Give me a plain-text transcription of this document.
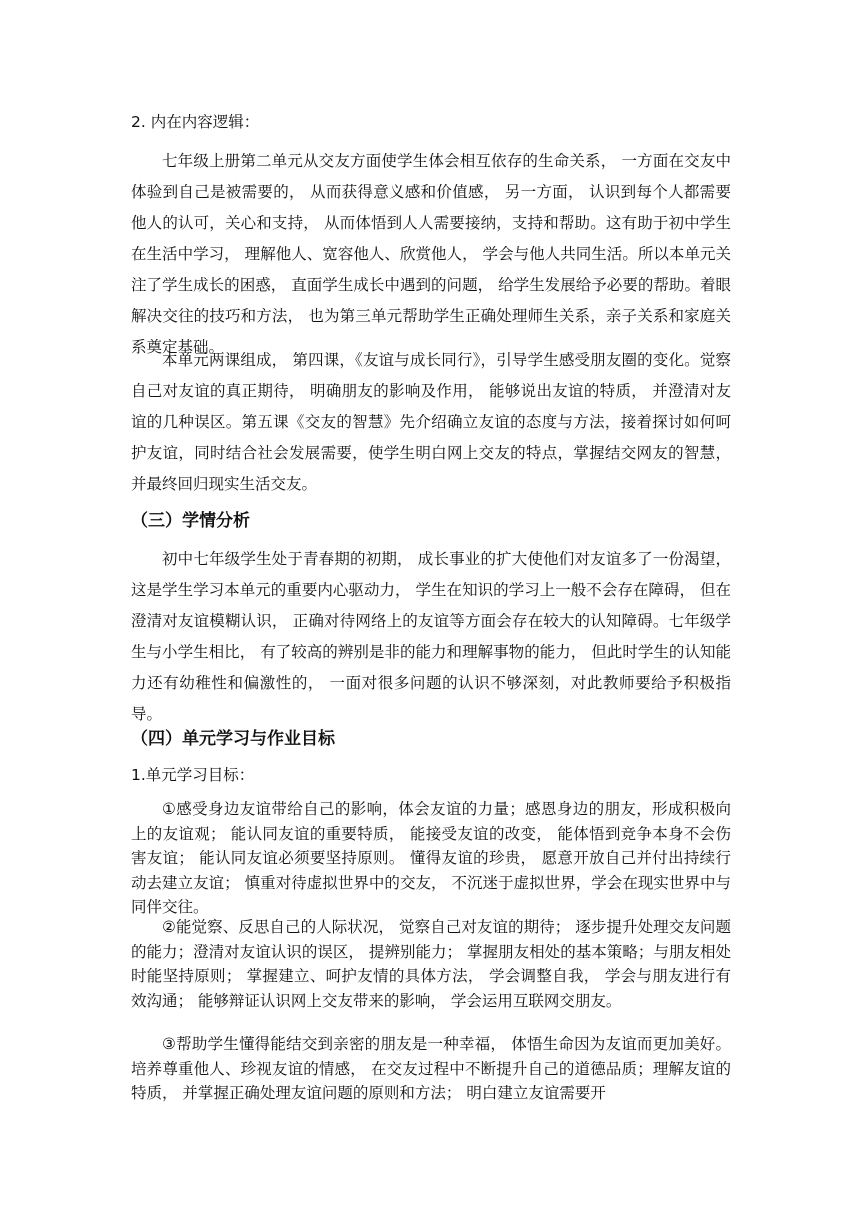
2. 内在内容逻辑：

七年级上册第二单元从交友方面使学生体会相互依存的生命关系， 一方面在交友中体验到自己是被需要的， 从而获得意义感和价值感， 另一方面， 认识到每个人都需要他人的认可，关心和支持， 从而体悟到人人需要接纳，支持和帮助。这有助于初中学生在生活中学习， 理解他人、宽容他人、欣赏他人， 学会与他人共同生活。所以本单元关注了学生成长的困惑， 直面学生成长中遇到的问题， 给学生发展给予必要的帮助。着眼解决交往的技巧和方法， 也为第三单元帮助学生正确处理师生关系，亲子关系和家庭关系奠定基础。

本单元两课组成， 第四课，《友谊与成长同行》，引导学生感受朋友圈的变化。觉察自己对友谊的真正期待， 明确朋友的影响及作用， 能够说出友谊的特质， 并澄清对友谊的几种误区。第五课《交友的智慧》先介绍确立友谊的态度与方法，接着探讨如何呵护友谊，同时结合社会发展需要，使学生明白网上交友的特点，掌握结交网友的智慧，并最终回归现实生活交友。

（三）学情分析

初中七年级学生处于青春期的初期， 成长事业的扩大使他们对友谊多了一份渴望， 这是学生学习本单元的重要内心驱动力， 学生在知识的学习上一般不会存在障碍， 但在澄清对友谊模糊认识， 正确对待网络上的友谊等方面会存在较大的认知障碍。七年级学生与小学生相比， 有了较高的辨别是非的能力和理解事物的能力， 但此时学生的认知能力还有幼稚性和偏激性的， 一面对很多问题的认识不够深刻，对此教师要给予积极指导。

（四）单元学习与作业目标

1.单元学习目标：

①感受身边友谊带给自己的影响，体会友谊的力量；感恩身边的朋友，形成积极向上的友谊观； 能认同友谊的重要特质， 能接受友谊的改变， 能体悟到竞争本身不会伤害友谊； 能认同友谊必须要坚持原则。 懂得友谊的珍贵， 愿意开放自己并付出持续行动去建立友谊； 慎重对待虚拟世界中的交友， 不沉迷于虚拟世界，学会在现实世界中与同伴交往。

②能觉察、反思自己的人际状况， 觉察自己对友谊的期待； 逐步提升处理交友问题的能力；澄清对友谊认识的误区， 提辨别能力； 掌握朋友相处的基本策略；与朋友相处时能坚持原则； 掌握建立、呵护友情的具体方法， 学会调整自我， 学会与朋友进行有效沟通； 能够辩证认识网上交友带来的影响， 学会运用互联网交朋友。

③帮助学生懂得能结交到亲密的朋友是一种幸福， 体悟生命因为友谊而更加美好。培养尊重他人、珍视友谊的情感， 在交友过程中不断提升自己的道德品质；理解友谊的特质， 并掌握正确处理友谊问题的原则和方法； 明白建立友谊需要开
